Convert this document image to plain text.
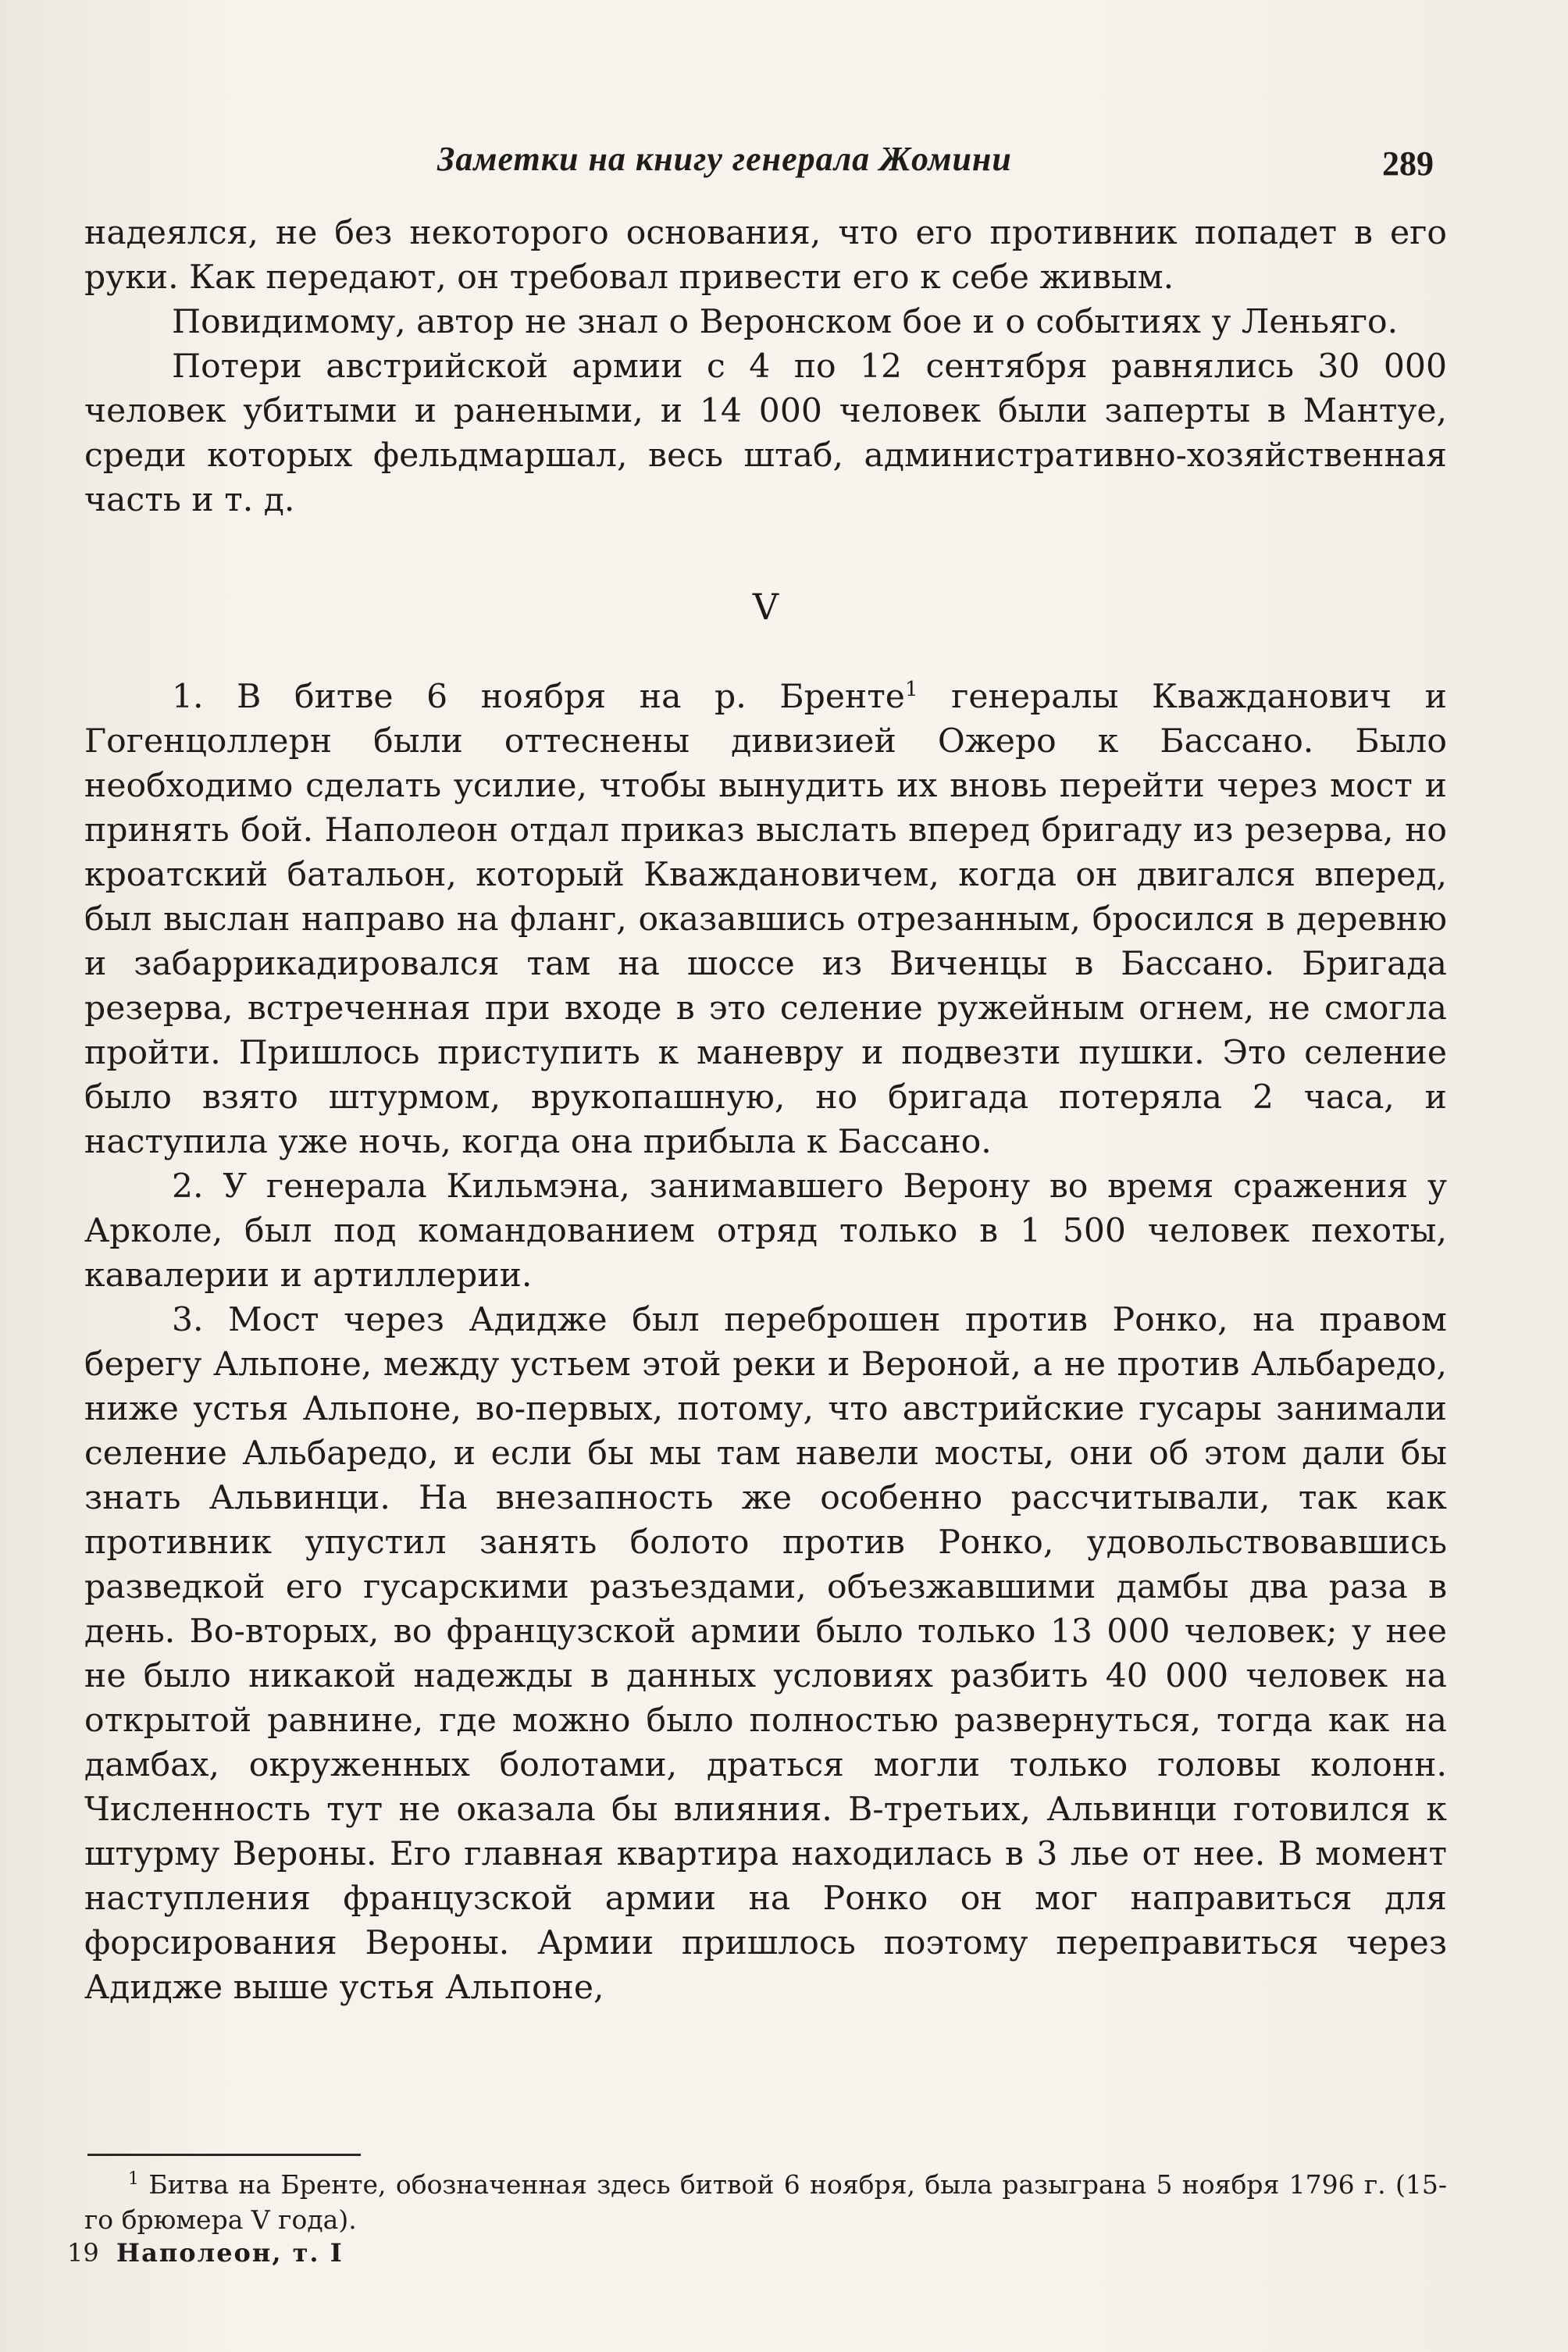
Заметки на книгу генерала Жомини	289

надеялся, не без некоторого основания, что его противник попадет в его руки. Как передают, он требовал привести его к себе живым.

Повидимому, автор не знал о Веронском бое и о событиях у Леньяго.

Потери австрийской армии с 4 по 12 сентября равнялись 30 000 человек убитыми и ранеными, и 14 000 человек были заперты в Мантуе, среди которых фельдмаршал, весь штаб, административно-хозяйственная часть и т. д.

V

1. В битве 6 ноября на р. Бренте$^1$ генералы Кважданович и Гогенцоллерн были оттеснены дивизией Ожеро к Бассано. Было необходимо сделать усилие, чтобы вынудить их вновь перейти через мост и принять бой. Наполеон отдал приказ выслать вперед бригаду из резерва, но кроатский батальон, который Кваждановичем, когда он двигался вперед, был выслан направо на фланг, оказавшись отрезанным, бросился в деревню и забаррикадировался там на шоссе из Виченцы в Бассано. Бригада резерва, встреченная при входе в это селение ружейным огнем, не смогла пройти. Пришлось приступить к маневру и подвезти пушки. Это селение было взято штурмом, врукопашную, но бригада потеряла 2 часа, и наступила уже ночь, когда она прибыла к Бассано.

2. У генерала Кильмэна, занимавшего Верону во время сражения у Арколе, был под командованием отряд только в 1 500 человек пехоты, кавалерии и артиллерии.

3. Мост через Адидже был переброшен против Ронко, на правом берегу Альпоне, между устьем этой реки и Вероной, а не против Альбаредо, ниже устья Альпоне, во-первых, потому, что австрийские гусары занимали селение Альбаредо, и если бы мы там навели мосты, они об этом дали бы знать Альвинци. На внезапность же особенно рассчитывали, так как противник упустил занять болото против Ронко, удовольствовавшись разведкой его гусарскими разъездами, объезжавшими дамбы два раза в день. Во-вторых, во французской армии было только 13 000 человек; у нее не было никакой надежды в данных условиях разбить 40 000 человек на открытой равнине, где можно было полностью развернуться, тогда как на дамбах, окруженных болотами, драться могли только головы колонн. Численность тут не оказала бы влияния. В-третьих, Альвинци готовился к штурму Вероны. Его главная квартира находилась в 3 лье от нее. В момент наступления французской армии на Ронко он мог направиться для форсирования Вероны. Армии пришлось поэтому переправиться через Адидже выше устья Альпоне,

$^1$ Битва на Бренте, обозначенная здесь битвой 6 ноября, была разыграна 5 ноября 1796 г. (15-го брюмера V года).

19 Наполеон, т. I
